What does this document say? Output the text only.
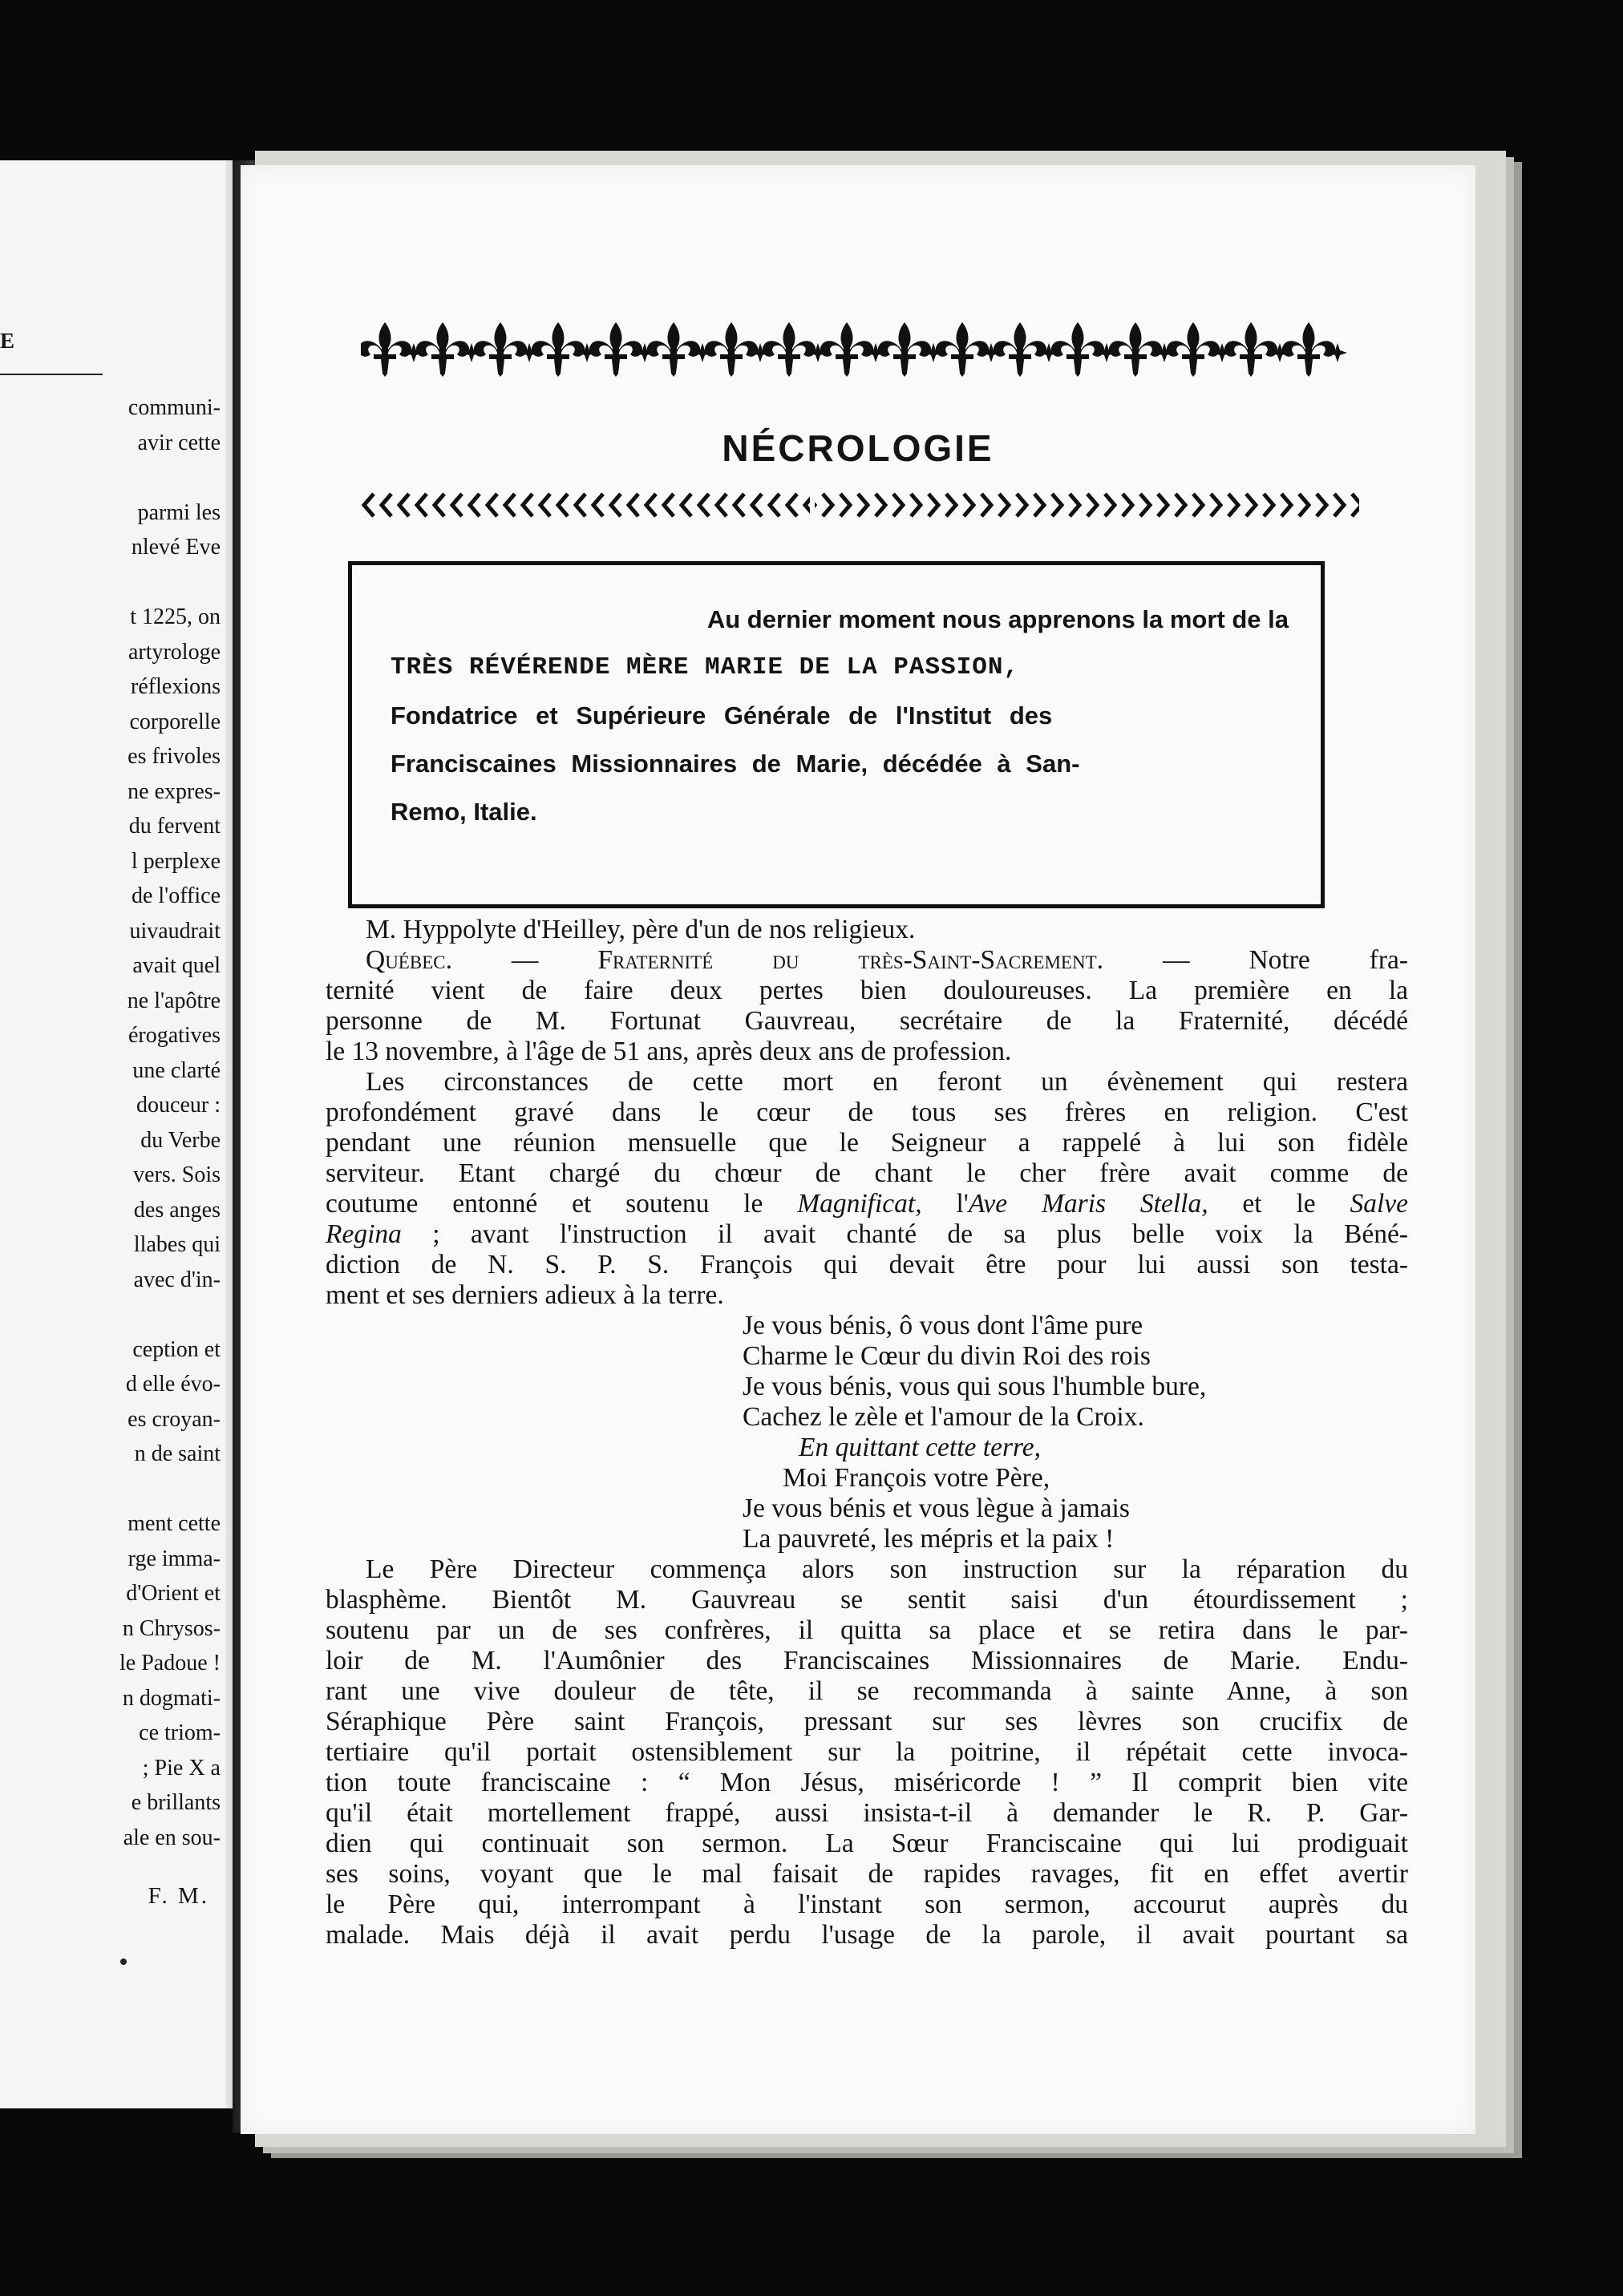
E
communi-
avir cette

parmi les
nlevé Eve

t 1225, on
artyrologe
réflexions
corporelle
es frivoles
ne expres-
du fervent
l perplexe
de l'office
uivaudrait
avait quel
ne l'apôtre
érogatives
une clarté
douceur :
du Verbe
vers. Sois
des anges
llabes qui
avec d'in-

ception et
d elle évo-
es croyan-
n de saint

ment cette
rge imma-
d'Orient et
n Chrysos-
le Padoue !
n dogmati-
ce triom-
; Pie X a
e brillants
ale en sou-
F. M.
NÉCROLOGIE
Au dernier moment nous apprenons la mort de la
TRÈS RÉVÉRENDE MÈRE MARIE DE LA PASSION,
Fondatrice et Supérieure Générale de l'Institut des
Franciscaines Missionnaires de Marie, décédée à San-
Remo, Italie.
M. Hyppolyte d'Heilley, père d'un de nos religieux.
Québec. — Fraternité du très-Saint-Sacrement. — Notre fra-
ternité vient de faire deux pertes bien douloureuses. La première en la
personne de M. Fortunat Gauvreau, secrétaire de la Fraternité, décédé
le 13 novembre, à l'âge de 51 ans, après deux ans de profession.
Les circonstances de cette mort en feront un évènement qui restera
profondément gravé dans le cœur de tous ses frères en religion. C'est
pendant une réunion mensuelle que le Seigneur a rappelé à lui son fidèle
serviteur. Etant chargé du chœur de chant le cher frère avait comme de
coutume entonné et soutenu le Magnificat, l'Ave Maris Stella, et le Salve
Regina ; avant l'instruction il avait chanté de sa plus belle voix la Béné-
diction de N. S. P. S. François qui devait être pour lui aussi son testa-
ment et ses derniers adieux à la terre.
Je vous bénis, ô vous dont l'âme pure
Charme le Cœur du divin Roi des rois
Je vous bénis, vous qui sous l'humble bure,
Cachez le zèle et l'amour de la Croix.
En quittant cette terre,
Moi François votre Père,
Je vous bénis et vous lègue à jamais
La pauvreté, les mépris et la paix !
Le Père Directeur commença alors son instruction sur la réparation du
blasphème. Bientôt M. Gauvreau se sentit saisi d'un étourdissement ;
soutenu par un de ses confrères, il quitta sa place et se retira dans le par-
loir de M. l'Aumônier des Franciscaines Missionnaires de Marie. Endu-
rant une vive douleur de tête, il se recommanda à sainte Anne, à son
Séraphique Père saint François, pressant sur ses lèvres son crucifix de
tertiaire qu'il portait ostensiblement sur la poitrine, il répétait cette invoca-
tion toute franciscaine : “ Mon Jésus, miséricorde ! ” Il comprit bien vite
qu'il était mortellement frappé, aussi insista-t-il à demander le R. P. Gar-
dien qui continuait son sermon. La Sœur Franciscaine qui lui prodiguait
ses soins, voyant que le mal faisait de rapides ravages, fit en effet avertir
le Père qui, interrompant à l'instant son sermon, accourut auprès du
malade. Mais déjà il avait perdu l'usage de la parole, il avait pourtant sa
